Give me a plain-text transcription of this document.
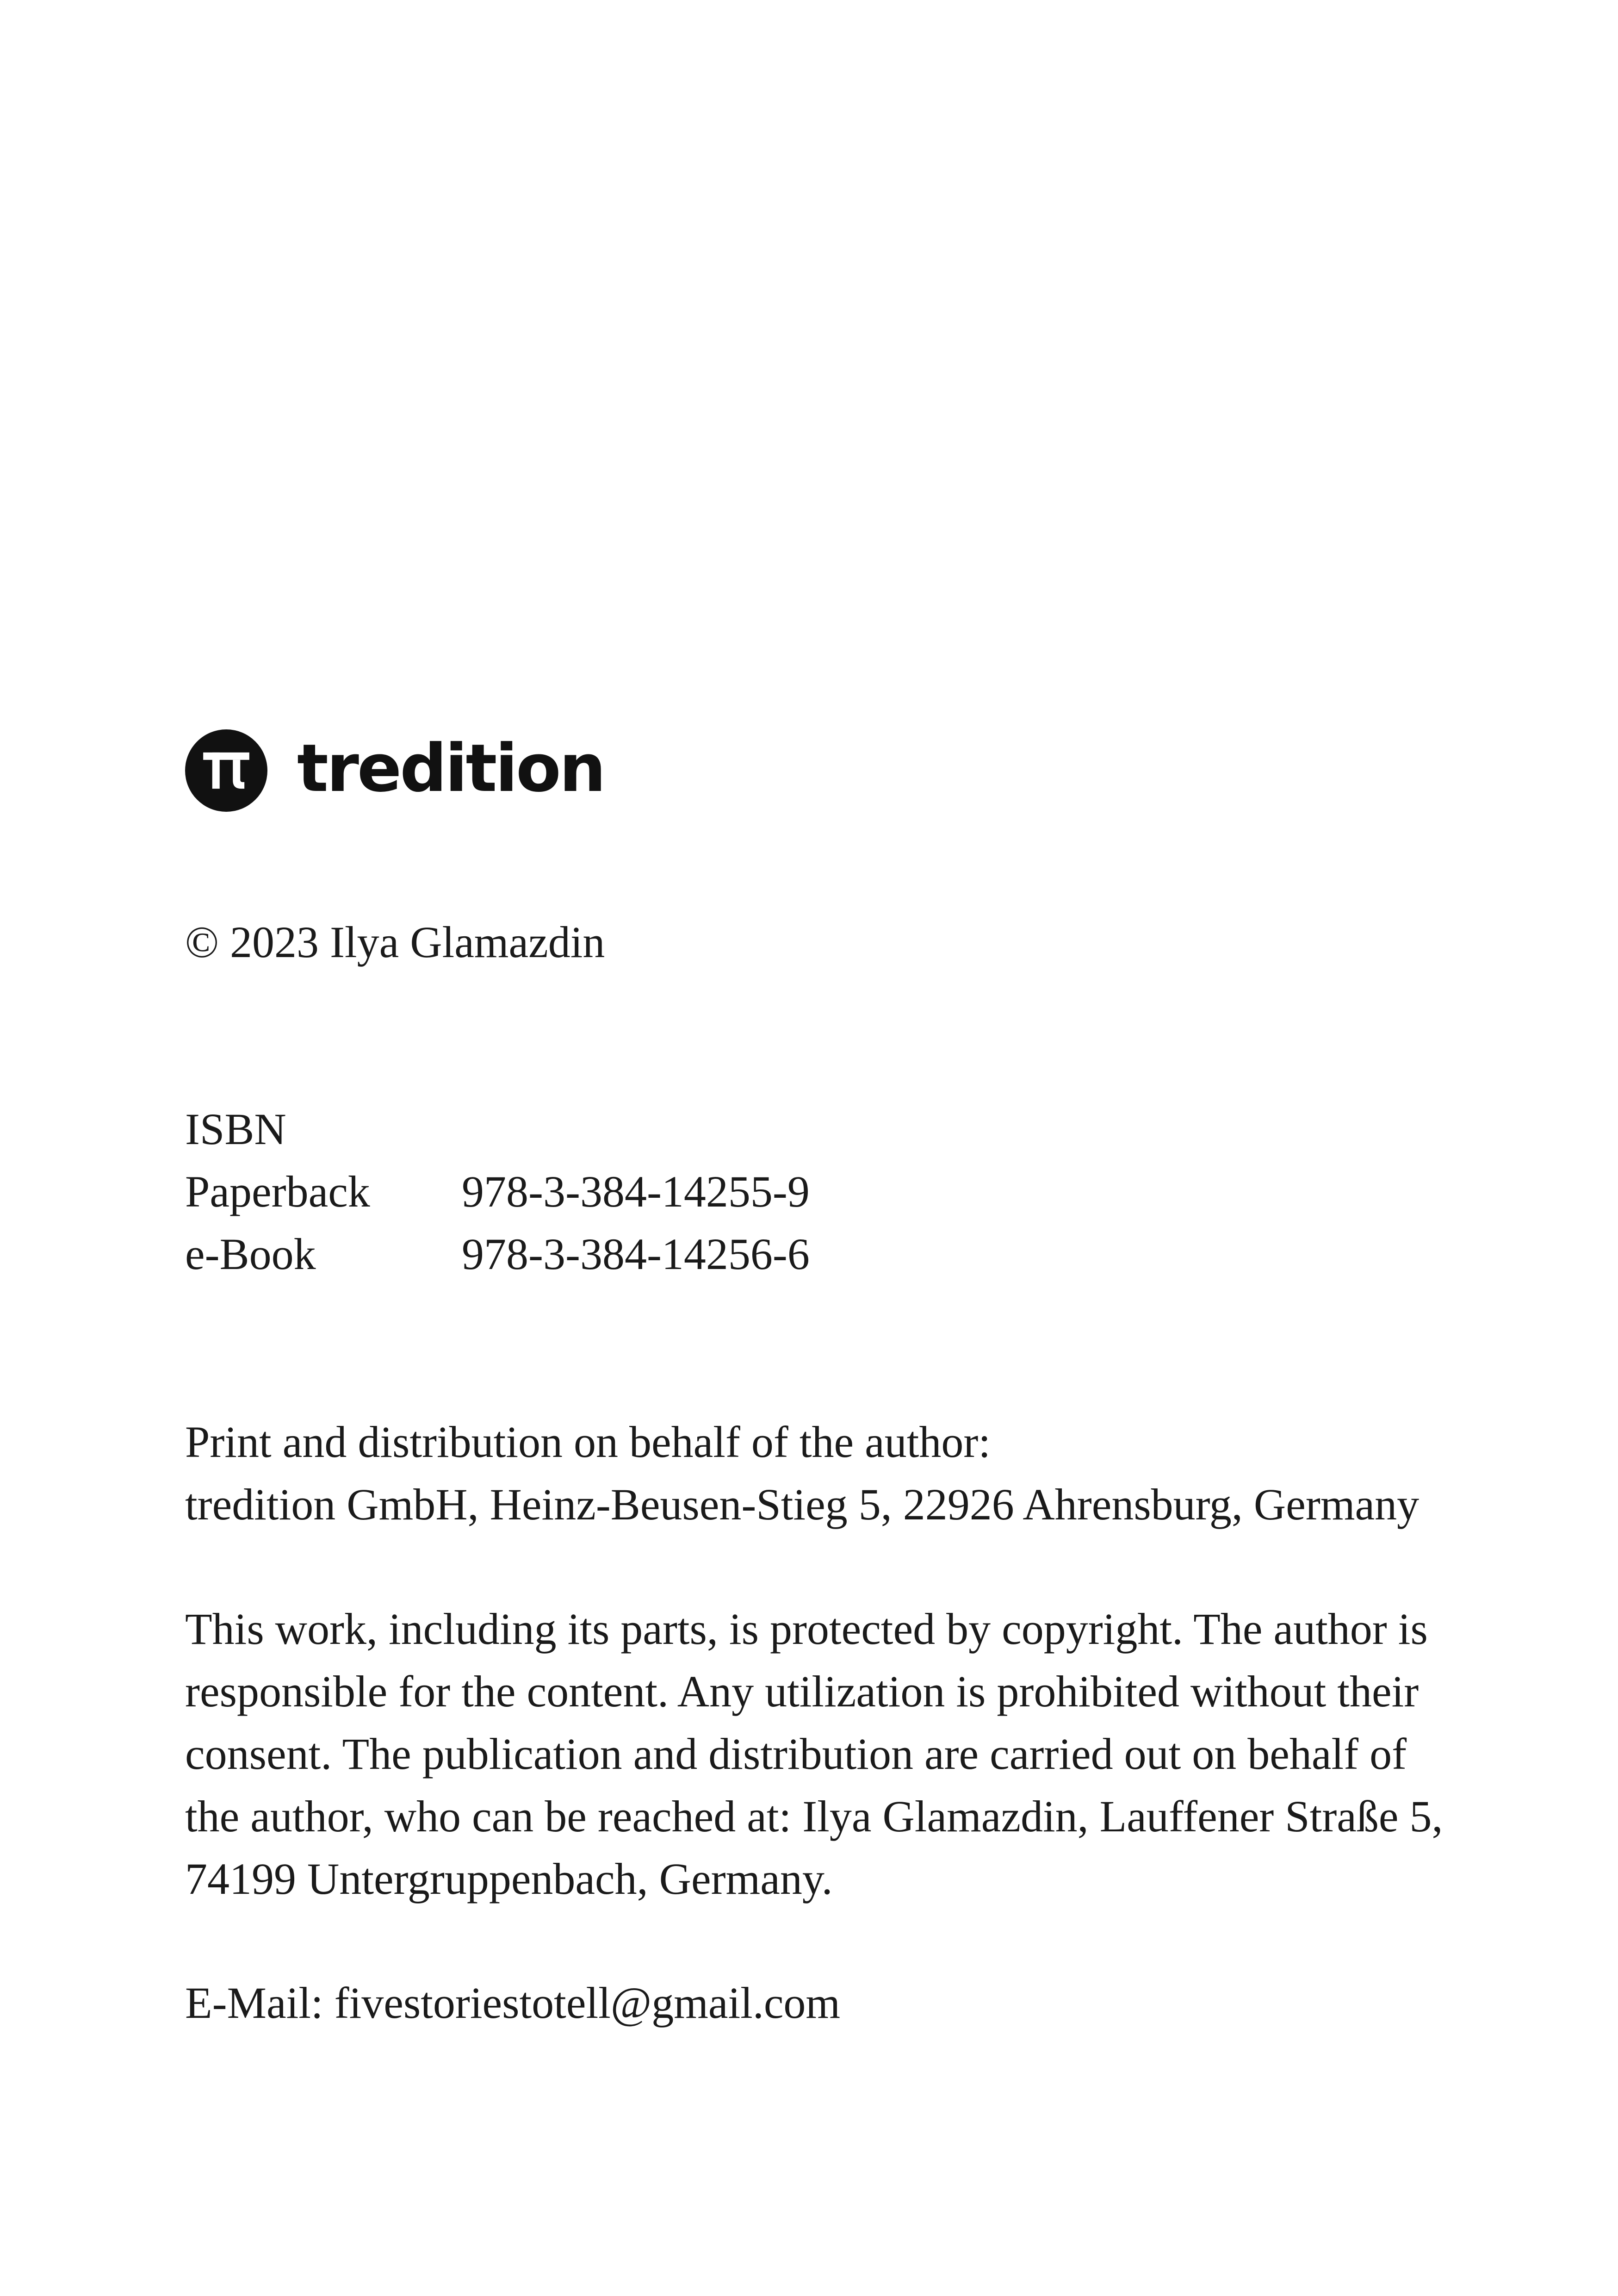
tredition
© 2023 Ilya Glamazdin
ISBN
Paperback	978-3-384-14255-9
e-Book	978-3-384-14256-6
Print and distribution on behalf of the author:
tredition GmbH, Heinz-Beusen-Stieg 5, 22926 Ahrensburg, Germany
This work, including its parts, is protected by copyright. The author is
responsible for the content. Any utilization is prohibited without their
consent. The publication and distribution are carried out on behalf of
the author, who can be reached at: Ilya Glamazdin, Lauffener Straße 5,
74199 Untergruppenbach, Germany.
E-Mail: fivestoriestotell@gmail.com
